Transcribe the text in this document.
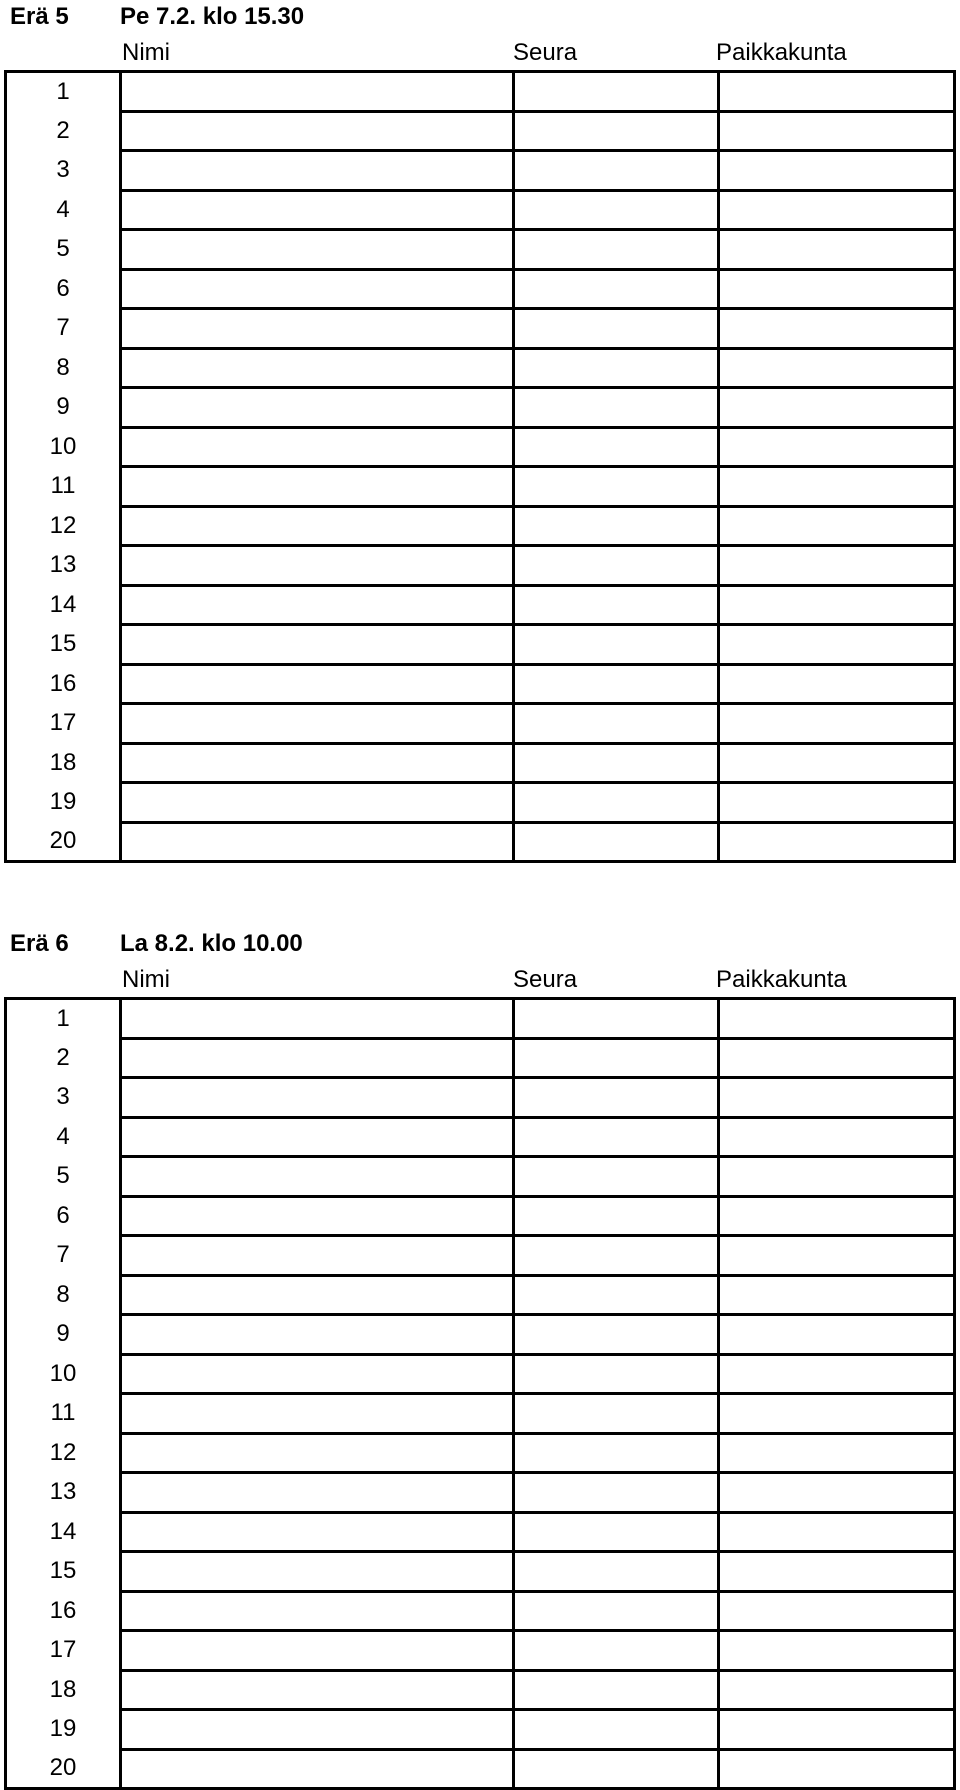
Erä 5 Pe 7.2. klo 15.30
Nimi	Seura	Paikkakunta
1			
2			
3			
4			
5			
6			
7			
8			
9			
10			
11			
12			
13			
14			
15			
16			
17			
18			
19			
20			
Erä 6 La 8.2. klo 10.00
Nimi	Seura	Paikkakunta
1			
2			
3			
4			
5			
6			
7			
8			
9			
10			
11			
12			
13			
14			
15			
16			
17			
18			
19			
20			
